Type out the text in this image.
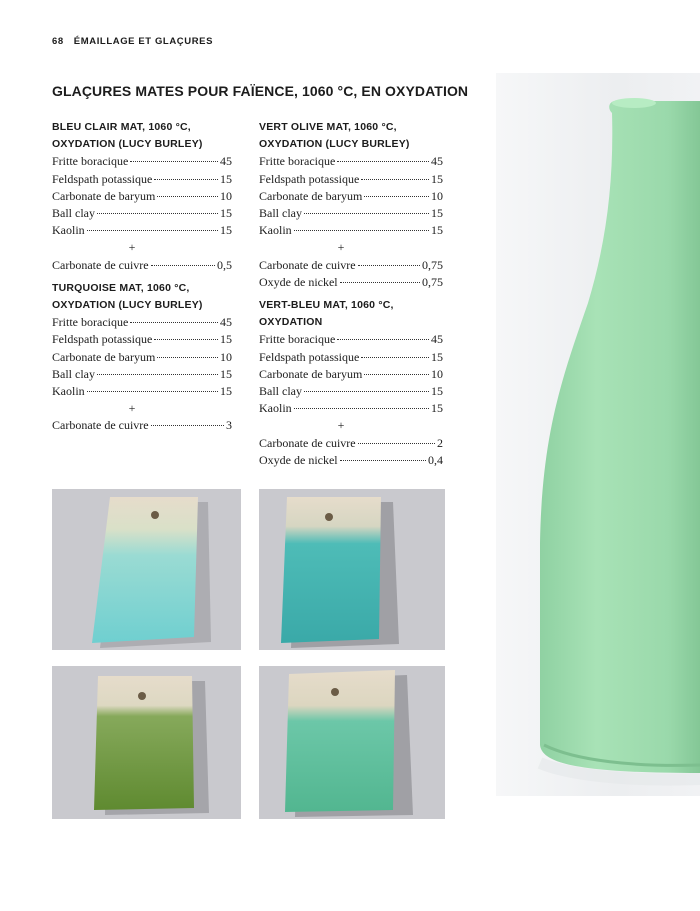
68 ÉMAILLAGE ET GLAÇURES
GLAÇURES MATES POUR FAÏENCE, 1060 °C, EN OXYDATION
BLEU CLAIR MAT, 1060 °C,
OXYDATION (LUCY BURLEY)
Fritte boracique	45
Feldspath potassique	15
Carbonate de baryum	10
Ball clay	15
Kaolin	15
+
Carbonate de cuivre	0,5
TURQUOISE MAT, 1060 °C,
OXYDATION (LUCY BURLEY)
Fritte boracique	45
Feldspath potassique	15
Carbonate de baryum	10
Ball clay	15
Kaolin	15
+
Carbonate de cuivre	3
VERT OLIVE MAT, 1060 °C,
OXYDATION (LUCY BURLEY)
Fritte boracique	45
Feldspath potassique	15
Carbonate de baryum	10
Ball clay	15
Kaolin	15
+
Carbonate de cuivre	0,75
Oxyde de nickel	0,75
VERT-BLEU MAT, 1060 °C, OXYDATION
Fritte boracique	45
Feldspath potassique	15
Carbonate de baryum	10
Ball clay	15
Kaolin	15
+
Carbonate de cuivre	2
Oxyde de nickel	0,4
